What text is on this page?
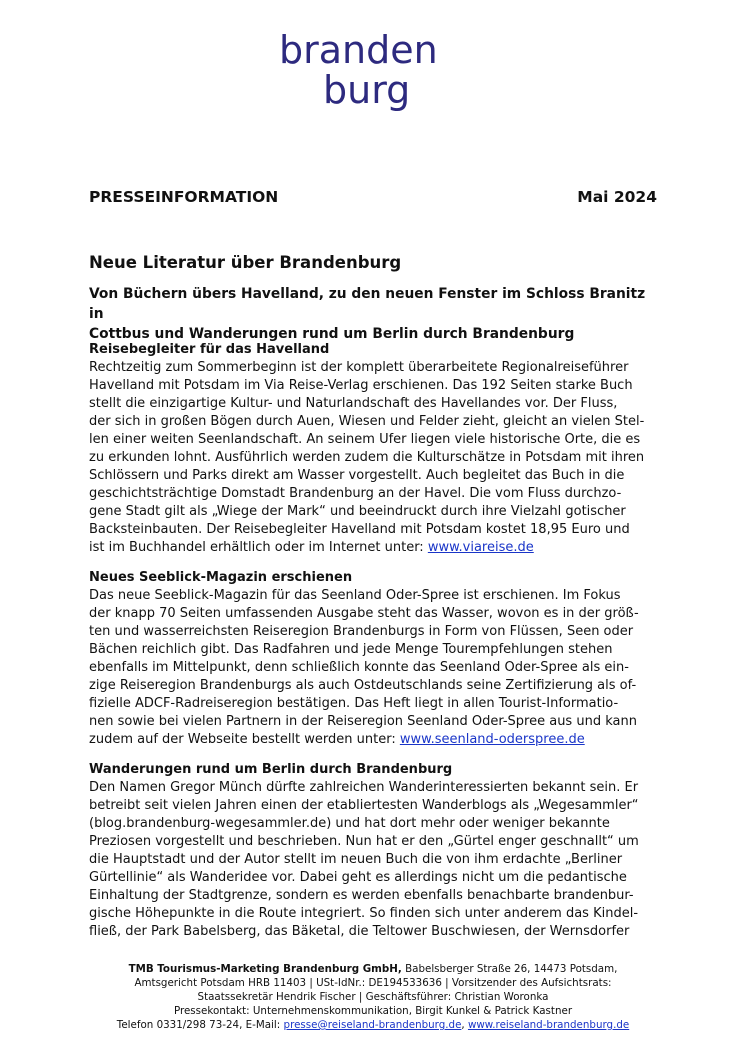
branden
burg
PRESSEINFORMATION	Mai 2024
Neue Literatur über Brandenburg
Von Büchern übers Havelland, zu den neuen Fenster im Schloss Branitz in
Cottbus und Wanderungen rund um Berlin durch Brandenburg

Reisebegleiter für das Havelland

Rechtzeitig zum Sommerbeginn ist der komplett überarbeitete Regionalreiseführer
Havelland mit Potsdam im Via Reise-Verlag erschienen. Das 192 Seiten starke Buch
stellt die einzigartige Kultur- und Naturlandschaft des Havellandes vor. Der Fluss,
der sich in großen Bögen durch Auen, Wiesen und Felder zieht, gleicht an vielen Stel-
len einer weiten Seenlandschaft. An seinem Ufer liegen viele historische Orte, die es
zu erkunden lohnt. Ausführlich werden zudem die Kulturschätze in Potsdam mit ihren
Schlössern und Parks direkt am Wasser vorgestellt. Auch begleitet das Buch in die
geschichtsträchtige Domstadt Brandenburg an der Havel. Die vom Fluss durchzo-
gene Stadt gilt als „Wiege der Mark“ und beeindruckt durch ihre Vielzahl gotischer
Backsteinbauten. Der Reisebegleiter Havelland mit Potsdam kostet 18,95 Euro und
ist im Buchhandel erhältlich oder im Internet unter: www.viareise.de

Neues Seeblick-Magazin erschienen

Das neue Seeblick-Magazin für das Seenland Oder-Spree ist erschienen. Im Fokus
der knapp 70 Seiten umfassenden Ausgabe steht das Wasser, wovon es in der größ-
ten und wasserreichsten Reiseregion Brandenburgs in Form von Flüssen, Seen oder
Bächen reichlich gibt. Das Radfahren und jede Menge Tourempfehlungen stehen
ebenfalls im Mittelpunkt, denn schließlich konnte das Seenland Oder-Spree als ein-
zige Reiseregion Brandenburgs als auch Ostdeutschlands seine Zertifizierung als of-
fizielle ADCF-Radreiseregion bestätigen. Das Heft liegt in allen Tourist-Informatio-
nen sowie bei vielen Partnern in der Reiseregion Seenland Oder-Spree aus und kann
zudem auf der Webseite bestellt werden unter: www.seenland-oderspree.de

Wanderungen rund um Berlin durch Brandenburg

Den Namen Gregor Münch dürfte zahlreichen Wanderinteressierten bekannt sein. Er
betreibt seit vielen Jahren einen der etabliertesten Wanderblogs als „Wegesammler“
(blog.brandenburg-wegesammler.de) und hat dort mehr oder weniger bekannte
Preziosen vorgestellt und beschrieben. Nun hat er den „Gürtel enger geschnallt“ um
die Hauptstadt und der Autor stellt im neuen Buch die von ihm erdachte „Berliner
Gürtellinie“ als Wanderidee vor. Dabei geht es allerdings nicht um die pedantische
Einhaltung der Stadtgrenze, sondern es werden ebenfalls benachbarte brandenbur-
gische Höhepunkte in die Route integriert. So finden sich unter anderem das Kindel-
fließ, der Park Babelsberg, das Bäketal, die Teltower Buschwiesen, der Wernsdorfer
TMB Tourismus-Marketing Brandenburg GmbH, Babelsberger Straße 26, 14473 Potsdam,
Amtsgericht Potsdam HRB 11403 | USt-IdNr.: DE194533636 | Vorsitzender des Aufsichtsrats:
Staatssekretär Hendrik Fischer | Geschäftsführer: Christian Woronka
Pressekontakt: Unternehmenskommunikation, Birgit Kunkel & Patrick Kastner
Telefon 0331/298 73-24, E-Mail: presse@reiseland-brandenburg.de, www.reiseland-brandenburg.de
